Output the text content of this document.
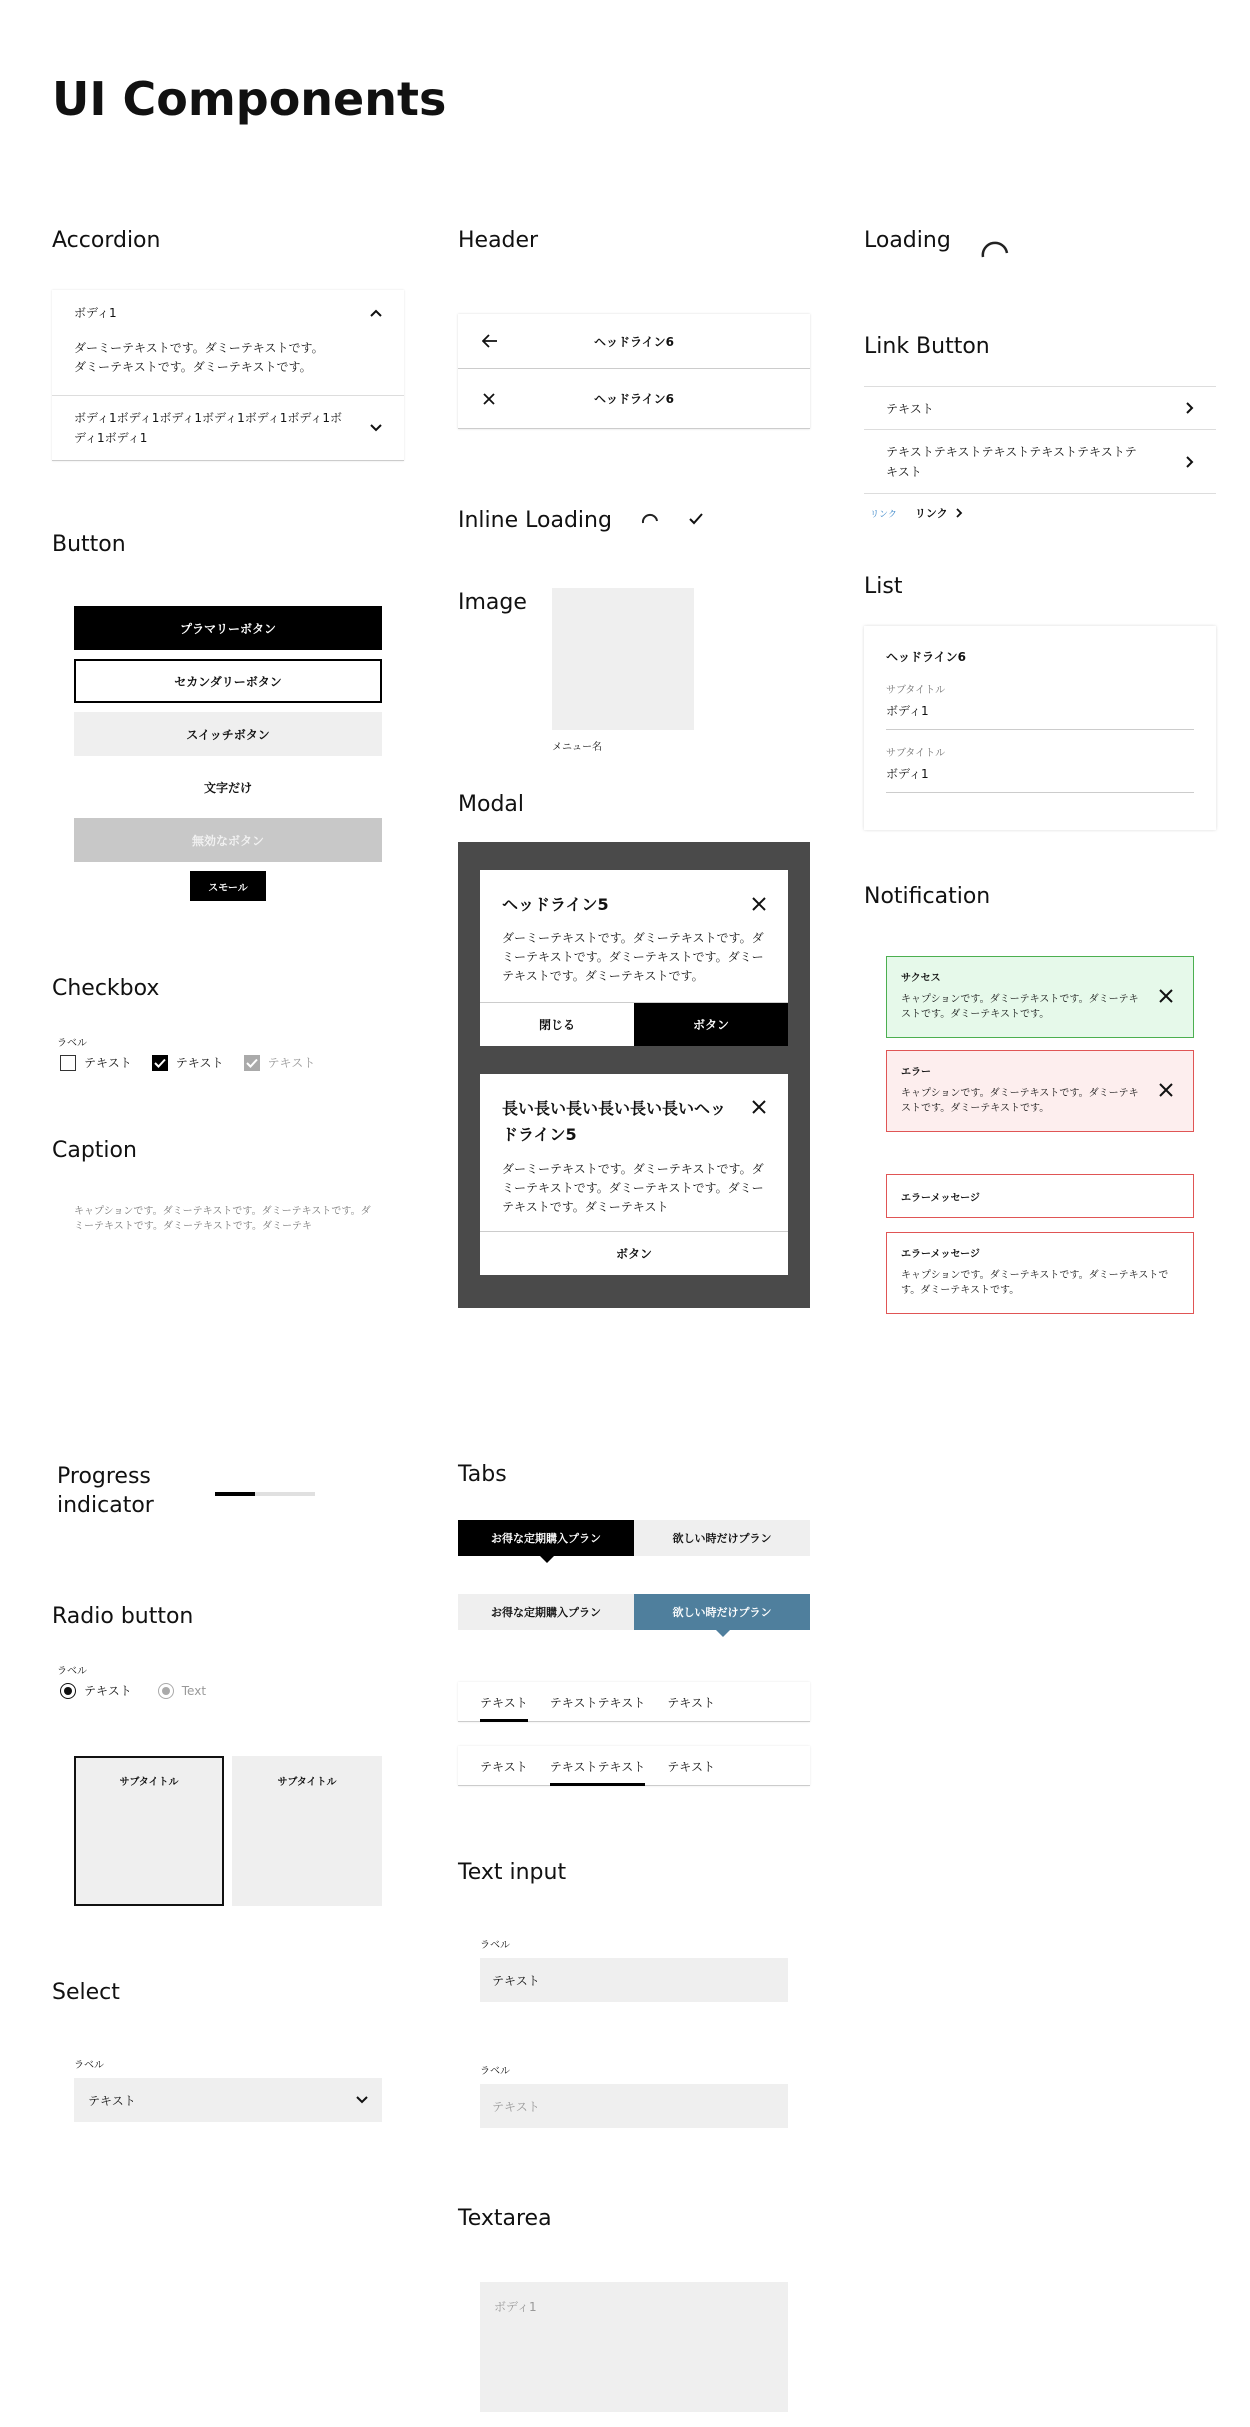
UI Components
Accordion
ボディ1
ダーミーテキストです。ダミーテキストです。ダミーテキストです。ダミーテキストです。
ボディ1ボディ1ボディ1ボディ1ボディ1ボディ1ボディ1ボディ1
Button
プラマリーボタン
セカンダリーボタン
スイッチボタン
文字だけ
無効なボタン
スモール
Checkbox
ラベル
テキスト	テキスト	テキスト
Caption
キャプションです。ダミーテキストです。ダミーテキストです。ダミーテキストです。ダミーテキストです。ダミーテキ
Progress indicator
Radio button
ラベル
テキスト	Text
サブタイトル	サブタイトル
Select
ラベル
テキスト
Header
ヘッドライン6
ヘッドライン6
Inline Loading
Image
メニュー名
Modal
ヘッドライン5
ダーミーテキストです。ダミーテキストです。ダミーテキストです。ダミーテキストです。ダミーテキストです。ダミーテキストです。
閉じる	ボタン
長い長い長い長い長い長いヘッドライン5
ダーミーテキストです。ダミーテキストです。ダミーテキストです。ダミーテキストです。ダミーテキストです。ダミーテキスト
ボタン
Tabs
お得な定期購入プラン	欲しい時だけプラン
お得な定期購入プラン	欲しい時だけプラン
テキスト テキストテキスト テキスト
テキスト テキストテキスト テキスト
Text input
ラベル
テキスト
ラベル
テキスト
Textarea
ボディ1
Loading
Link Button
テキスト
テキストテキストテキストテキストテキストテキスト
リンク リンク
List
ヘッドライン6
サブタイトル
ボディ1
サブタイトル
ボディ1
Notification
サクセス
キャプションです。ダミーテキストです。ダミーテキストです。ダミーテキストです。
エラー
キャプションです。ダミーテキストです。ダミーテキストです。ダミーテキストです。
エラーメッセージ
エラーメッセージ
キャプションです。ダミーテキストです。ダミーテキストです。ダミーテキストです。
